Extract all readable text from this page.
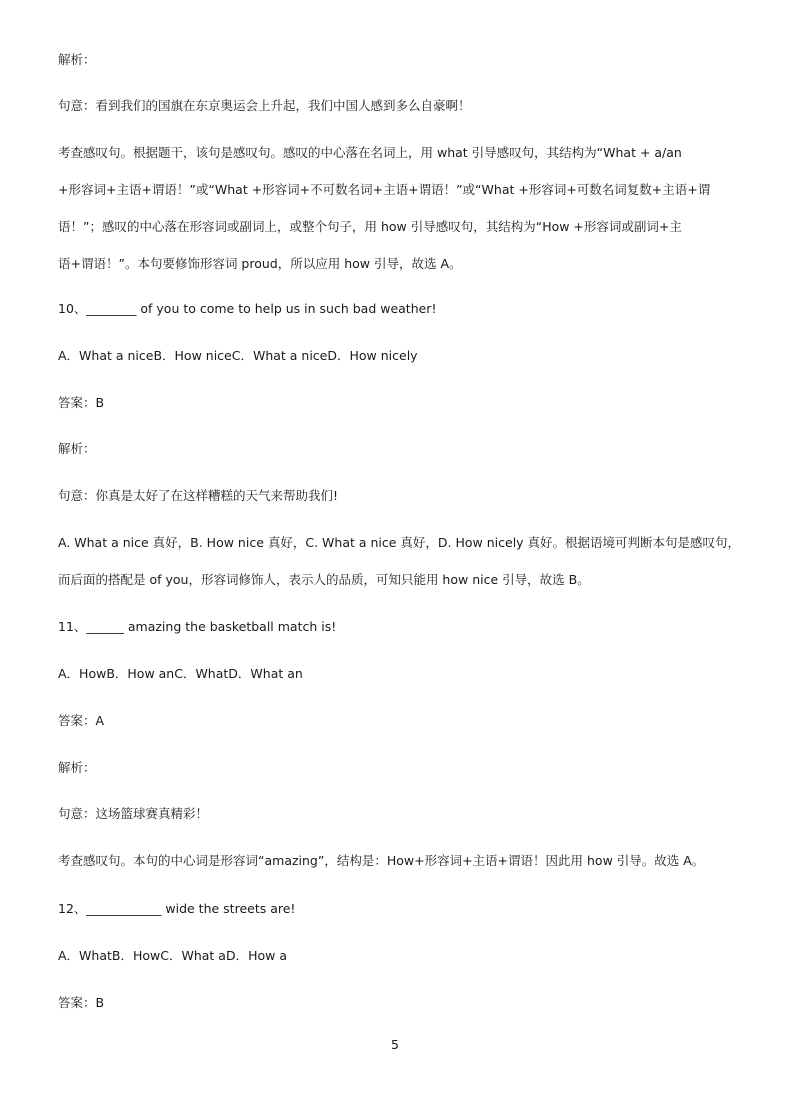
解析：

句意：看到我们的国旗在东京奥运会上升起，我们中国人感到多么自豪啊！

考查感叹句。根据题干，该句是感叹句。感叹的中心落在名词上，用 what 引导感叹句，其结构为“What + a/an

+形容词+主语+谓语！”或“What +形容词+不可数名词+主语+谓语！”或“What +形容词+可数名词复数+主语+谓

语！”；感叹的中心落在形容词或副词上，或整个句子，用 how 引导感叹句，其结构为“How +形容词或副词+主

语+谓语！”。本句要修饰形容词 proud，所以应用 how 引导，故选 A。

10、________ of you to come to help us in such bad weather!

A．What a niceB．How niceC．What a niceD．How nicely

答案：B

解析：

句意：你真是太好了在这样糟糕的天气来帮助我们!

A. What a nice 真好，B. How nice 真好，C. What a nice 真好，D. How nicely 真好。根据语境可判断本句是感叹句，

而后面的搭配是 of you，形容词修饰人，表示人的品质，可知只能用 how nice 引导，故选 B。

11、______ amazing the basketball match is!

A．HowB．How anC．WhatD．What an

答案：A

解析：

句意：这场篮球赛真精彩！

考查感叹句。本句的中心词是形容词“amazing”，结构是：How+形容词+主语+谓语！因此用 how 引导。故选 A。

12、____________ wide the streets are!

A．WhatB．HowC．What aD．How a

答案：B

5
